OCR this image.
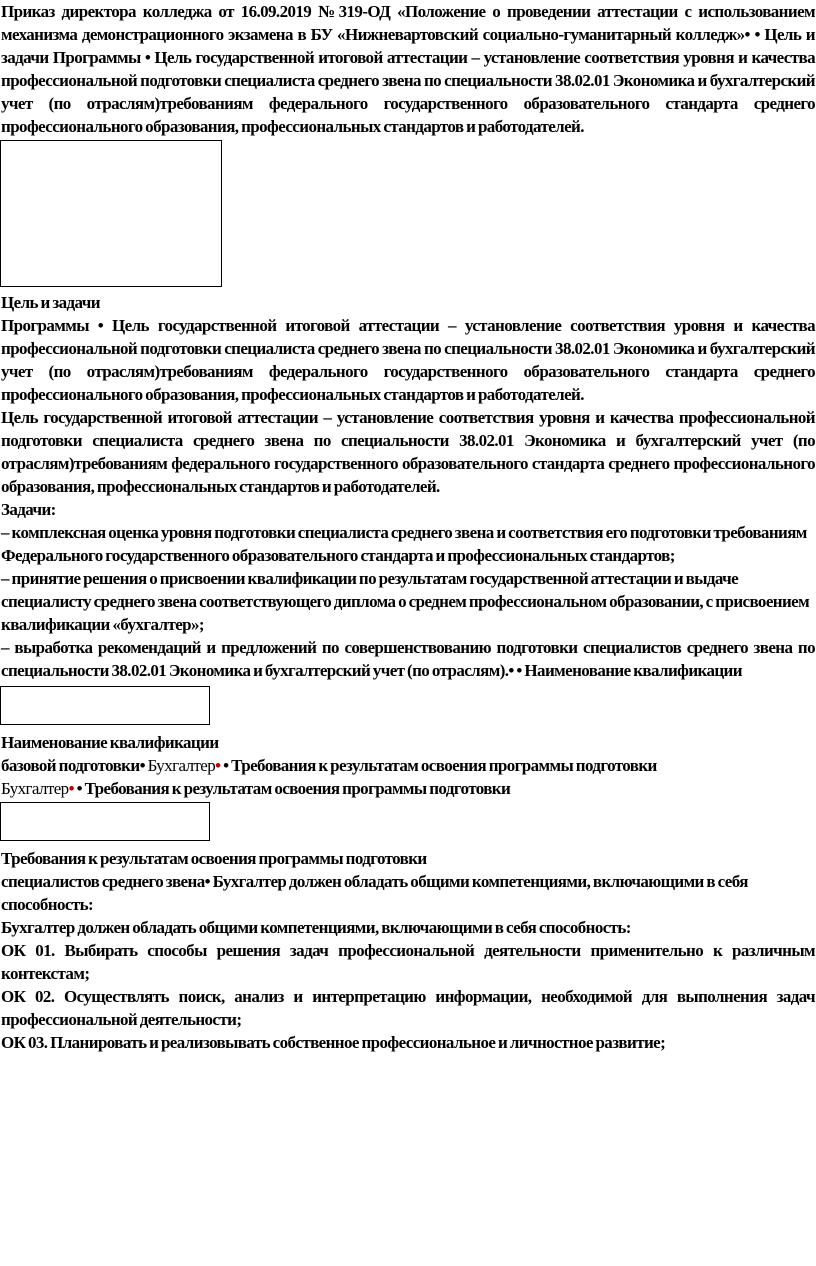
Приказ директора колледжа от 16.09.2019 №319-ОД «Положение о проведении аттестации с использованием механизма демонстрационного экзамена в БУ «Нижневартовский социально-гуманитарный колледж»• • Цель и задачи Программы • Цель государственной итоговой аттестации – установление соответствия уровня и качества профессиональной подготовки специалиста среднего звена по специальности 38.02.01 Экономика и бухгалтерский учет (по отраслям)требованиям федерального государственного образовательного стандарта среднего профессионального образования, профессиональных стандартов и работодателей.

Цель и задачи

Программы • Цель государственной итоговой аттестации – установление соответствия уровня и качества профессиональной подготовки специалиста среднего звена по специальности 38.02.01 Экономика и бухгалтерский учет (по отраслям)требованиям федерального государственного образовательного стандарта среднего профессионального образования, профессиональных стандартов и работодателей.

Цель государственной итоговой аттестации – установление соответствия уровня и качества профессиональной подготовки специалиста среднего звена по специальности 38.02.01 Экономика и бухгалтерский учет (по отраслям)требованиям федерального государственного образовательного стандарта среднего профессионального образования, профессиональных стандартов и работодателей.

Задачи:

– комплексная оценка уровня подготовки специалиста среднего звена и соответствия его подготовки требованиям Федерального государственного образовательного стандарта и профессиональных стандартов;

– принятие решения о присвоении квалификации по результатам государственной аттестации и выдаче специалисту среднего звена соответствующего диплома о среднем профессиональном образовании, с присвоением квалификации «бухгалтер»;

– выработка рекомендаций и предложений по совершенствованию подготовки специалистов среднего звена по специальности 38.02.01 Экономика и бухгалтерский учет (по отраслям).• • Наименование квалификации

Наименование квалификации

базовой подготовки• Бухгалтер• • Требования к результатам освоения программы подготовки

Бухгалтер• • Требования к результатам освоения программы подготовки

Требования к результатам освоения программы подготовки

специалистов среднего звена• Бухгалтер должен обладать общими компетенциями, включающими в себя способность:

Бухгалтер должен обладать общими компетенциями, включающими в себя способность:

ОК 01. Выбирать способы решения задач профессиональной деятельности применительно к различным контекстам;

ОК 02. Осуществлять поиск, анализ и интерпретацию информации, необходимой для выполнения задач профессиональной деятельности;

ОК 03. Планировать и реализовывать собственное профессиональное и личностное развитие;
